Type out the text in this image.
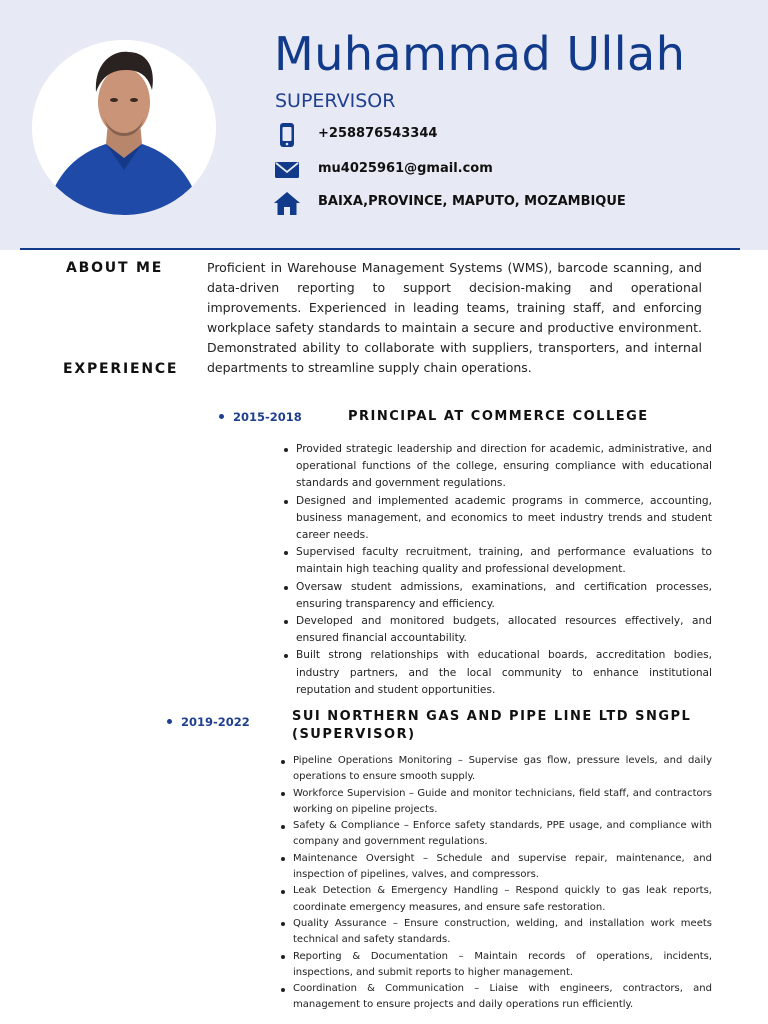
Muhammad Ullah
SUPERVISOR
+258876543344
mu4025961@gmail.com
BAIXA,PROVINCE, MAPUTO, MOZAMBIQUE
ABOUT ME	Proficient in Warehouse Management Systems (WMS), barcode scanning, and data-driven reporting to support decision-making and operational improvements. Experienced in leading teams, training staff, and enforcing workplace safety standards to maintain a secure and productive environment. Demonstrated ability to collaborate with suppliers, transporters, and internal departments to streamline supply chain operations.
EXPERIENCE
2015-2018	PRINCIPAL AT COMMERCE COLLEGE
Provided strategic leadership and direction for academic, administrative, and operational functions of the college, ensuring compliance with educational standards and government regulations.
Designed and implemented academic programs in commerce, accounting, business management, and economics to meet industry trends and student career needs.
Supervised faculty recruitment, training, and performance evaluations to maintain high teaching quality and professional development.
Oversaw student admissions, examinations, and certification processes, ensuring transparency and efficiency.
Developed and monitored budgets, allocated resources effectively, and ensured financial accountability.
Built strong relationships with educational boards, accreditation bodies, industry partners, and the local community to enhance institutional reputation and student opportunities.
2019-2022	SUI NORTHERN GAS AND PIPE LINE LTD SNGPL (SUPERVISOR)
Pipeline Operations Monitoring – Supervise gas flow, pressure levels, and daily operations to ensure smooth supply.
Workforce Supervision – Guide and monitor technicians, field staff, and contractors working on pipeline projects.
Safety & Compliance – Enforce safety standards, PPE usage, and compliance with company and government regulations.
Maintenance Oversight – Schedule and supervise repair, maintenance, and inspection of pipelines, valves, and compressors.
Leak Detection & Emergency Handling – Respond quickly to gas leak reports, coordinate emergency measures, and ensure safe restoration.
Quality Assurance – Ensure construction, welding, and installation work meets technical and safety standards.
Reporting & Documentation – Maintain records of operations, incidents, inspections, and submit reports to higher management.
Coordination & Communication – Liaise with engineers, contractors, and management to ensure projects and daily operations run efficiently.
